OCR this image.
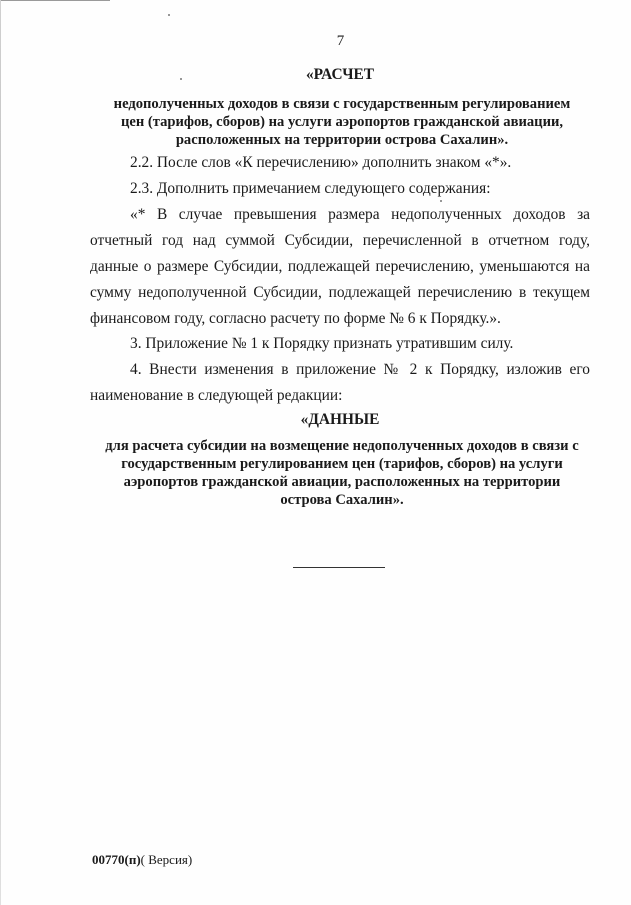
7
«РАСЧЕТ
недополученных доходов в связи с государственным регулированием
цен (тарифов, сборов) на услуги аэропортов гражданской авиации,
расположенных на территории острова Сахалин».
2.2. После слов «К перечислению» дополнить знаком «*».
2.3. Дополнить примечанием следующего содержания:
«* В случае превышения размера недополученных доходов за отчетный год над суммой Субсидии, перечисленной в отчетном году, данные о размере Субсидии, подлежащей перечислению, уменьшаются на сумму недополученной Субсидии, подлежащей перечислению в текущем финансовом году, согласно расчету по форме № 6 к Порядку.».
3. Приложение № 1 к Порядку признать утратившим силу.
4. Внести изменения в приложение № 2 к Порядку, изложив его наименование в следующей редакции:
«ДАННЫЕ
для расчета субсидии на возмещение недополученных доходов в связи с
государственным регулированием цен (тарифов, сборов) на услуги
аэропортов гражданской авиации, расположенных на территории
острова Сахалин».
00770(п)( Версия)
